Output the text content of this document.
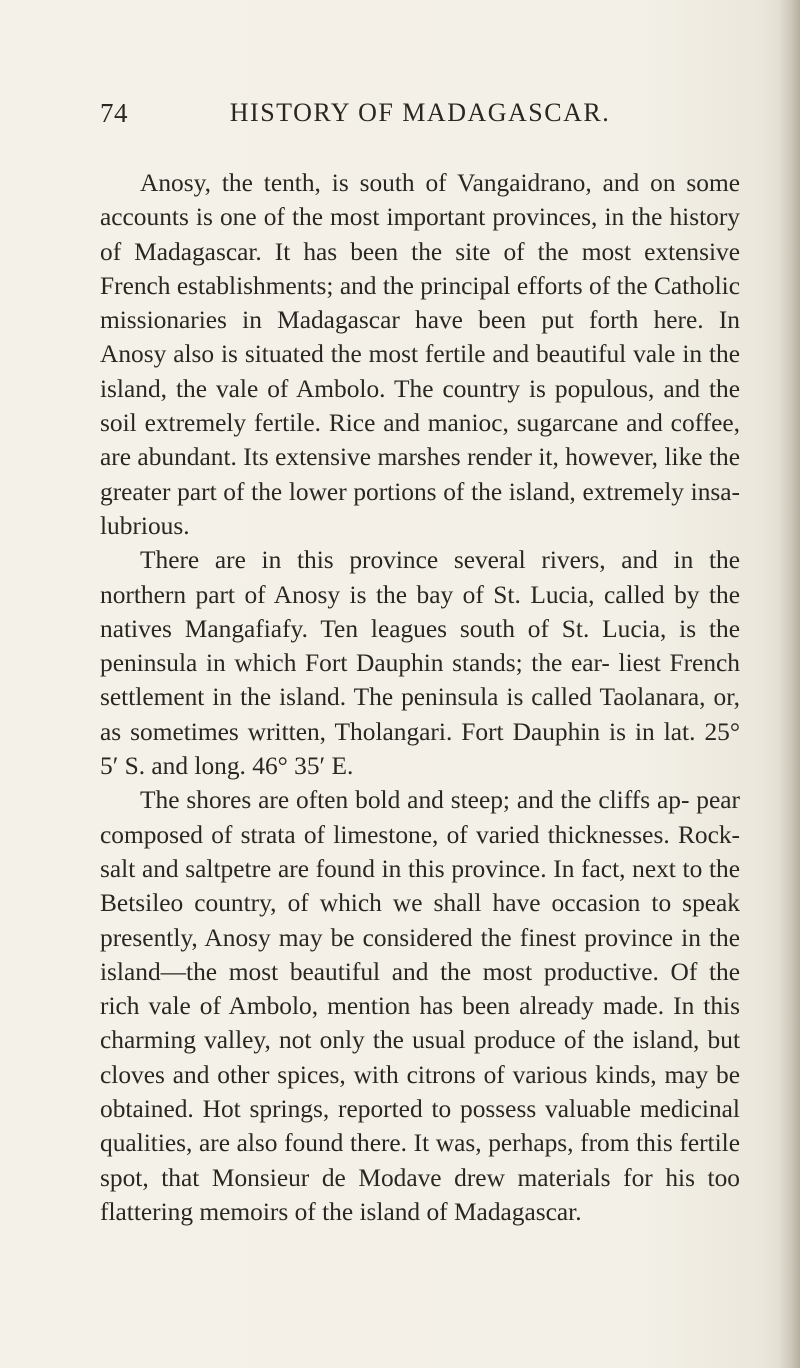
74	HISTORY OF MADAGASCAR.

Anosy, the tenth, is south of Vangaidrano, and on some accounts is one of the most important provinces, in the history of Madagascar. It has been the site of the most extensive French establishments; and the principal efforts of the Catholic missionaries in Madagascar have been put forth here. In Anosy also is situated the most fertile and beautiful vale in the island, the vale of Ambolo. The country is populous, and the soil extremely fertile. Rice and manioc, sugarcane and coffee, are abundant. Its extensive marshes render it, however, like the greater part of the lower portions of the island, extremely insa- lubrious.

There are in this province several rivers, and in the northern part of Anosy is the bay of St. Lucia, called by the natives Mangafiafy. Ten leagues south of St. Lucia, is the peninsula in which Fort Dauphin stands; the ear- liest French settlement in the island. The peninsula is called Taolanara, or, as sometimes written, Tholangari. Fort Dauphin is in lat. 25° 5′ S. and long. 46° 35′ E.

The shores are often bold and steep; and the cliffs ap- pear composed of strata of limestone, of varied thicknesses. Rock-salt and saltpetre are found in this province. In fact, next to the Betsileo country, of which we shall have occasion to speak presently, Anosy may be considered the finest province in the island—the most beautiful and the most productive. Of the rich vale of Ambolo, mention has been already made. In this charming valley, not only the usual produce of the island, but cloves and other spices, with citrons of various kinds, may be obtained. Hot springs, reported to possess valuable medicinal qualities, are also found there. It was, perhaps, from this fertile spot, that Monsieur de Modave drew materials for his too flattering memoirs of the island of Madagascar.
